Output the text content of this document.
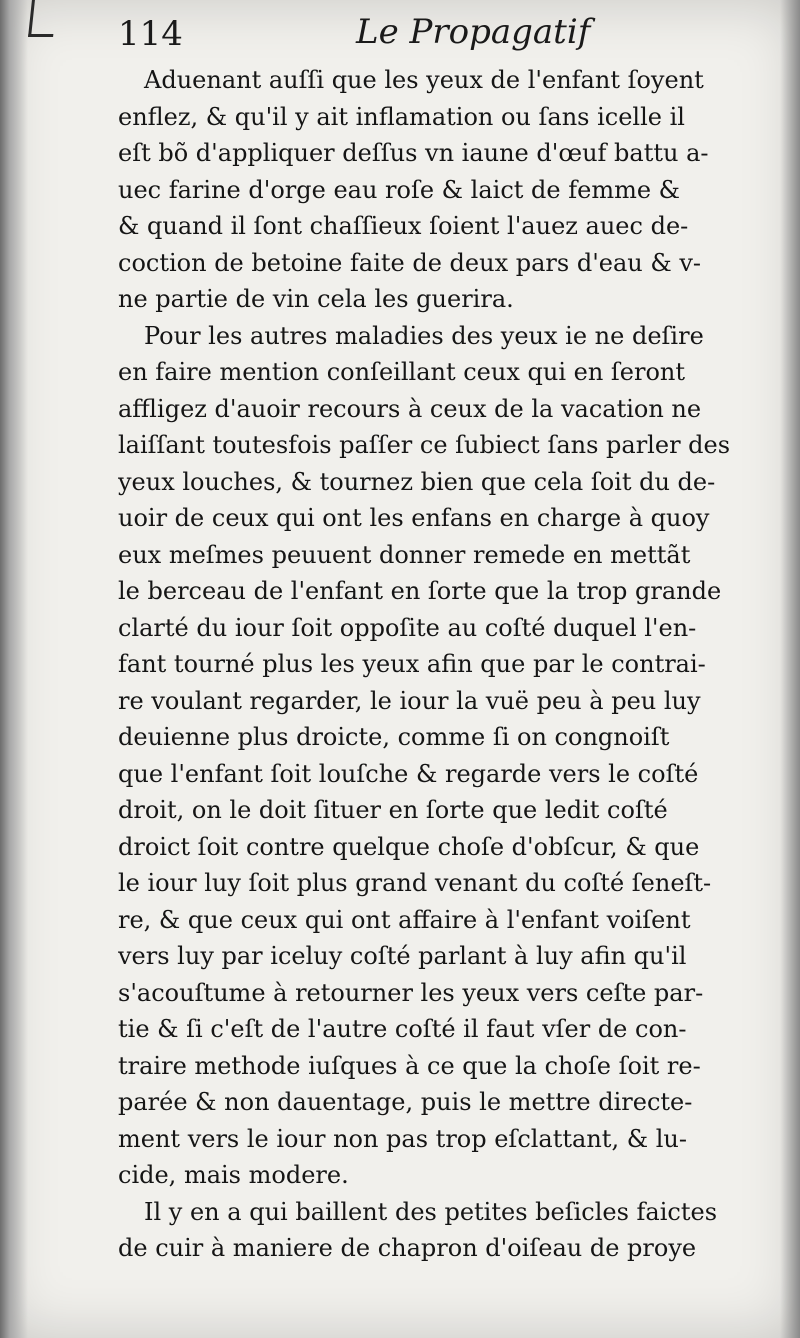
114	Le Propagatif
Aduenant auſſi que les yeux de l'enfant ſoyent
enflez, & qu'il y ait inflamation ou ſans icelle il
eſt bõ d'appliquer deſſus vn iaune d'œuf battu a-
uec farine d'orge eau roſe & laict de femme &
& quand il ſont chaſſieux ſoient l'auez auec de-
coction de betoine faite de deux pars d'eau & v-
ne partie de vin cela les guerira.
Pour les autres maladies des yeux ie ne deſire
en faire mention conſeillant ceux qui en ſeront
affligez d'auoir recours à ceux de la vacation ne
laiſſant toutesfois paſſer ce ſubiect ſans parler des
yeux louches, & tournez bien que cela ſoit du de-
uoir de ceux qui ont les enfans en charge à quoy
eux meſmes peuuent donner remede en mettãt
le berceau de l'enfant en ſorte que la trop grande
clarté du iour ſoit oppoſite au coſté duquel l'en-
fant tourné plus les yeux afin que par le contrai-
re voulant regarder, le iour la vuë peu à peu luy
deuienne plus droicte, comme ſi on congnoiſt
que l'enfant ſoit louſche & regarde vers le coſté
droit, on le doit ſituer en ſorte que ledit coſté
droict ſoit contre quelque choſe d'obſcur, & que
le iour luy ſoit plus grand venant du coſté ſeneſt-
re, & que ceux qui ont affaire à l'enfant voiſent
vers luy par iceluy coſté parlant à luy afin qu'il
s'acouſtume à retourner les yeux vers ceſte par-
tie & ſi c'eſt de l'autre coſté il faut vſer de con-
traire methode iuſques à ce que la choſe ſoit re-
parée & non dauentage, puis le mettre directe-
ment vers le iour non pas trop eſclattant, & lu-
cide, mais modere.
Il y en a qui baillent des petites beſicles faictes
de cuir à maniere de chapron d'oiſeau de proye
